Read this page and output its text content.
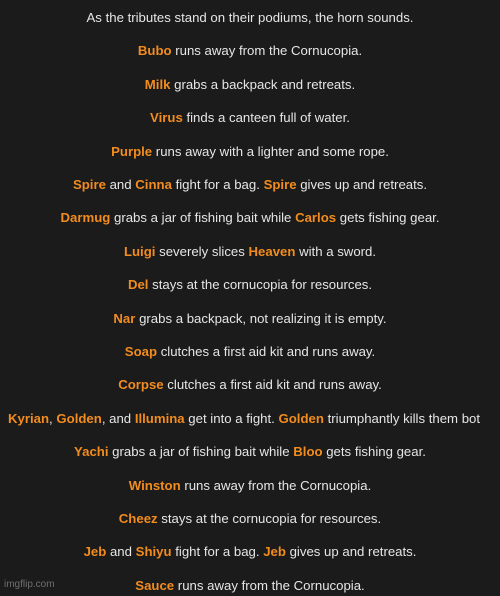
As the tributes stand on their podiums, the horn sounds.
Bubo runs away from the Cornucopia.
Milk grabs a backpack and retreats.
Virus finds a canteen full of water.
Purple runs away with a lighter and some rope.
Spire and Cinna fight for a bag. Spire gives up and retreats.
Darmug grabs a jar of fishing bait while Carlos gets fishing gear.
Luigi severely slices Heaven with a sword.
Del stays at the cornucopia for resources.
Nar grabs a backpack, not realizing it is empty.
Soap clutches a first aid kit and runs away.
Corpse clutches a first aid kit and runs away.
Kyrian, Golden, and Illumina get into a fight. Golden triumphantly kills them bot
Yachi grabs a jar of fishing bait while Bloo gets fishing gear.
Winston runs away from the Cornucopia.
Cheez stays at the cornucopia for resources.
Jeb and Shiyu fight for a bag. Jeb gives up and retreats.
Sauce runs away from the Cornucopia.
imgflip.com
